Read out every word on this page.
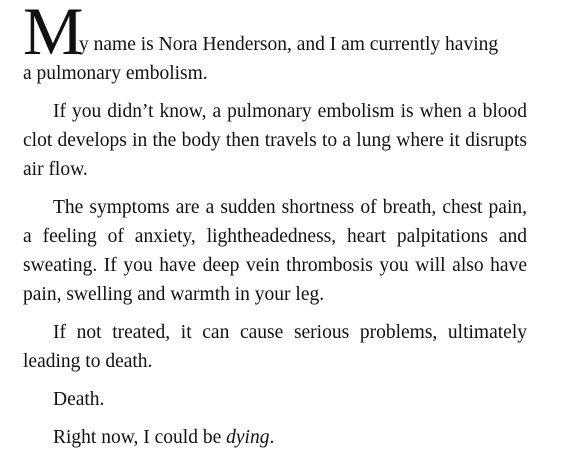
M
y name is Nora Henderson, and I am currently having
a pulmonary embolism.

If you didn’t know, a pulmonary embolism is when a blood clot develops in the body then travels to a lung where it disrupts air flow.

The symptoms are a sudden shortness of breath, chest pain, a feeling of anxiety, lightheadedness, heart palpitations and sweating. If you have deep vein thrombosis you will also have pain, swelling and warmth in your leg.

If not treated, it can cause serious problems, ultimately leading to death.

Death.

Right now, I could be dying.
